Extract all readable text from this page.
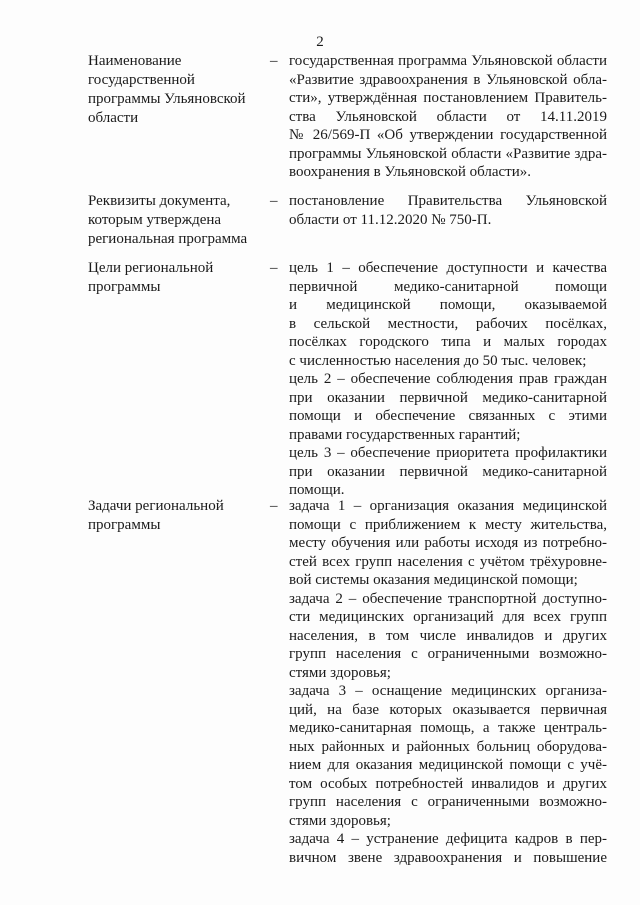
2
Наименование
государственной
программы Ульяновской
области
– государственная программа Ульяновской области
«Развитие здравоохранения в Ульяновской обла-
сти», утверждённая постановлением Правитель-
ства Ульяновской области от 14.11.2019
№ 26/569-П «Об утверждении государственной
программы Ульяновской области «Развитие здра-
воохранения в Ульяновской области».
Реквизиты документа,
которым утверждена
региональная программа
– постановление Правительства Ульяновской
области от 11.12.2020 № 750-П.
Цели региональной
программы
– цель 1 – обеспечение доступности и качества
первичной медико-санитарной помощи
и медицинской помощи, оказываемой
в сельской местности, рабочих посёлках,
посёлках городского типа и малых городах
с численностью населения до 50 тыс. человек;
цель 2 – обеспечение соблюдения прав граждан
при оказании первичной медико-санитарной
помощи и обеспечение связанных с этими
правами государственных гарантий;
цель 3 – обеспечение приоритета профилактики
при оказании первичной медико-санитарной
помощи.
Задачи региональной
программы
– задача 1 – организация оказания медицинской
помощи с приближением к месту жительства,
месту обучения или работы исходя из потребно-
стей всех групп населения с учётом трёхуровне-
вой системы оказания медицинской помощи;
задача 2 – обеспечение транспортной доступно-
сти медицинских организаций для всех групп
населения, в том числе инвалидов и других
групп населения с ограниченными возможно-
стями здоровья;
задача 3 – оснащение медицинских организа-
ций, на базе которых оказывается первичная
медико-санитарная помощь, а также централь-
ных районных и районных больниц оборудова-
нием для оказания медицинской помощи с учё-
том особых потребностей инвалидов и других
групп населения с ограниченными возможно-
стями здоровья;
задача 4 – устранение дефицита кадров в пер-
вичном звене здравоохранения и повышение
